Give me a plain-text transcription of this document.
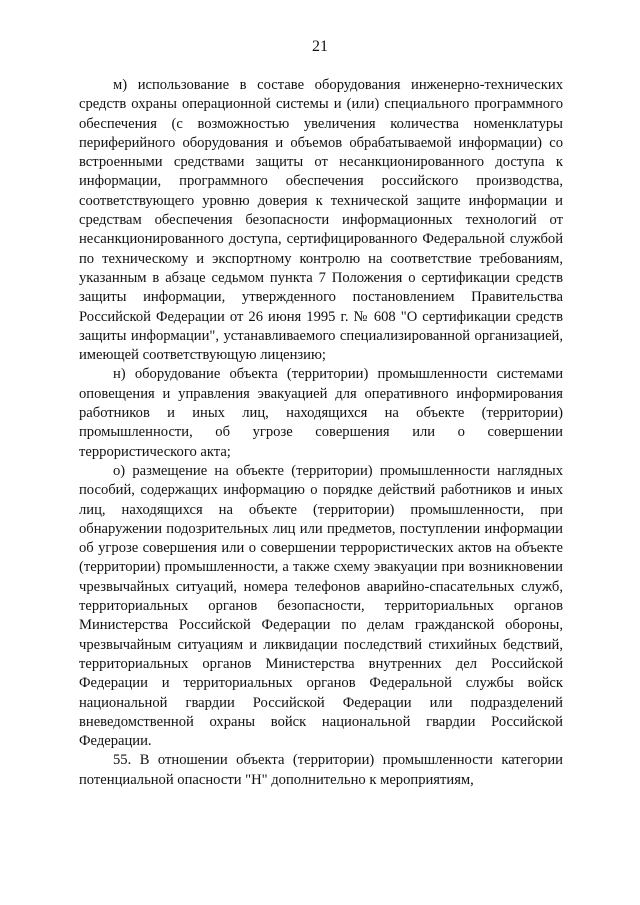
21

м) использование в составе оборудования инженерно-технических средств охраны операционной системы и (или) специального программного обеспечения (с возможностью увеличения количества номенклатуры периферийного оборудования и объемов обрабатываемой информации) со встроенными средствами защиты от несанкционированного доступа к информации, программного обеспечения российского производства, соответствующего уровню доверия к технической защите информации и средствам обеспечения безопасности информационных технологий от несанкционированного доступа, сертифицированного Федеральной службой по техническому и экспортному контролю на соответствие требованиям, указанным в абзаце седьмом пункта 7 Положения о сертификации средств защиты информации, утвержденного постановлением Правительства Российской Федерации от 26 июня 1995 г. № 608 "О сертификации средств защиты информации", устанавливаемого специализированной организацией, имеющей соответствующую лицензию;

н) оборудование объекта (территории) промышленности системами оповещения и управления эвакуацией для оперативного информирования работников и иных лиц, находящихся на объекте (территории) промышленности, об угрозе совершения или о совершении террористического акта;

о) размещение на объекте (территории) промышленности наглядных пособий, содержащих информацию о порядке действий работников и иных лиц, находящихся на объекте (территории) промышленности, при обнаружении подозрительных лиц или предметов, поступлении информации об угрозе совершения или о совершении террористических актов на объекте (территории) промышленности, а также схему эвакуации при возникновении чрезвычайных ситуаций, номера телефонов аварийно-спасательных служб, территориальных органов безопасности, территориальных органов Министерства Российской Федерации по делам гражданской обороны, чрезвычайным ситуациям и ликвидации последствий стихийных бедствий, территориальных органов Министерства внутренних дел Российской Федерации и территориальных органов Федеральной службы войск национальной гвардии Российской Федерации или подразделений вневедомственной охраны войск национальной гвардии Российской Федерации.

55. В отношении объекта (территории) промышленности категории потенциальной опасности "Н" дополнительно к мероприятиям,
